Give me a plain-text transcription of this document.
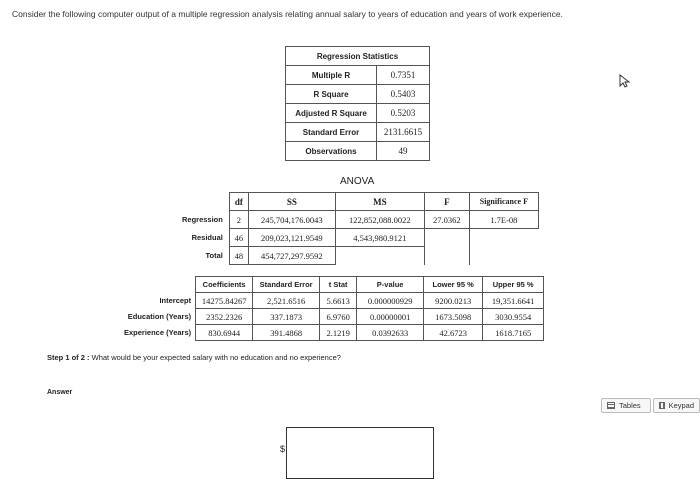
Consider the following computer output of a multiple regression analysis relating annual salary to years of education and years of work experience.
Regression Statistics	
Multiple R	0.7351
R Square	0.5403
Adjusted R Square	0.5203
Standard Error	2131.6615
Observations	49
ANOVA
	df	SS	MS	F	Significance F
Regression	2	245,704,176.0043	122,852,088.0022	27.0362	1.7E-08
Residual	46	209,023,121.9549	4,543,980.9121		
Total	48	454,727,297.9592			
	Coefficients	Standard Error	t Stat	P-value	Lower 95 %	Upper 95 %
Intercept	14275.84267	2,521.6516	5.6613	0.000000929	9200.0213	19,351.6641
Education (Years)	2352.2326	337.1873	6.9760	0.00000001	1673.5098	3030.9554
Experience (Years)	830.6944	391.4868	2.1219	0.0392633	42.6723	1618.7165
Step 1 of 2 : What would be your expected salary with no education and no experience?
Answer
Tables	Keypad
$
